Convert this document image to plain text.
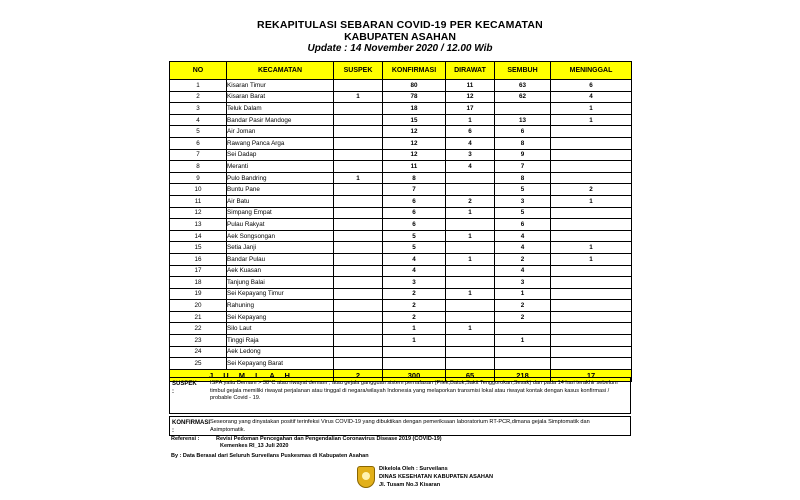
REKAPITULASI SEBARAN COVID-19 PER KECAMATAN
KABUPATEN ASAHAN
Update : 14 November 2020 / 12.00 Wib
NO	KECAMATAN	SUSPEK	KONFIRMASI	DIRAWAT	SEMBUH	MENINGGAL
1	Kisaran Timur		80	11	63	6
2	Kisaran Barat	1	78	12	62	4
3	Teluk Dalam		18	17		1
4	Bandar Pasir Mandoge		15	1	13	1
5	Air Joman		12	6	6	
6	Rawang Panca Arga		12	4	8	
7	Sei Dadap		12	3	9	
8	Meranti		11	4	7	
9	Pulo Bandring	1	8		8	
10	Buntu Pane		7		5	2
11	Air Batu		6	2	3	1
12	Simpang Empat		6	1	5	
13	Pulau Rakyat		6		6	
14	Aek Songsongan		5	1	4	
15	Setia Janji		5		4	1
16	Bandar Pulau		4	1	2	1
17	Aek Kuasan		4		4	
18	Tanjung Balai		3		3	
19	Sei Kepayang Timur		2	1	1	
20	Rahuning		2		2	
21	Sei Kepayang		2		2	
22	Silo Laut		1	1		
23	Tinggi Raja		1		1	
24	Aek Ledong					
25	Sei Kepayang Barat					
J U M L A H		2	300	65	218	17
SUSPEK :
ISPA yaitu Demam > 38°C atau riwayat demam ; atau gejala gangguan sistem pernafasan (Pilek,Batuk,Sakit Tenggorokan,Sesak) dan pada 14 hari terakhir sebelum timbul gejala memiliki riwayat perjalanan atau tinggal di negara/wilayah Indonesia yang melaporkan transmisi lokal atau riwayat kontak dengan kasus konfirmasi / probable Covid - 19.
KONFIRMASI :
Seseorang yang dinyatakan positif terinfeksi Virus COVID-19 yang dibuktikan dengan pemeriksaan laboratorium RT-PCR,dimana gejala Simptomatik dan Asimptomatik.
Referensi :	Revisi Pedoman Pencegahan dan Pengendalian Coronavirus Disease 2019 (COVID-19)
Kemenkes RI_13 Juli 2020
By : Data Berasal dari Seluruh Surveilans Puskesmas di Kabupaten Asahan
Dikelola Oleh : Surveilans
DINAS KESEHATAN KABUPATEN ASAHAN
Jl. Tusam No.3 Kisaran
